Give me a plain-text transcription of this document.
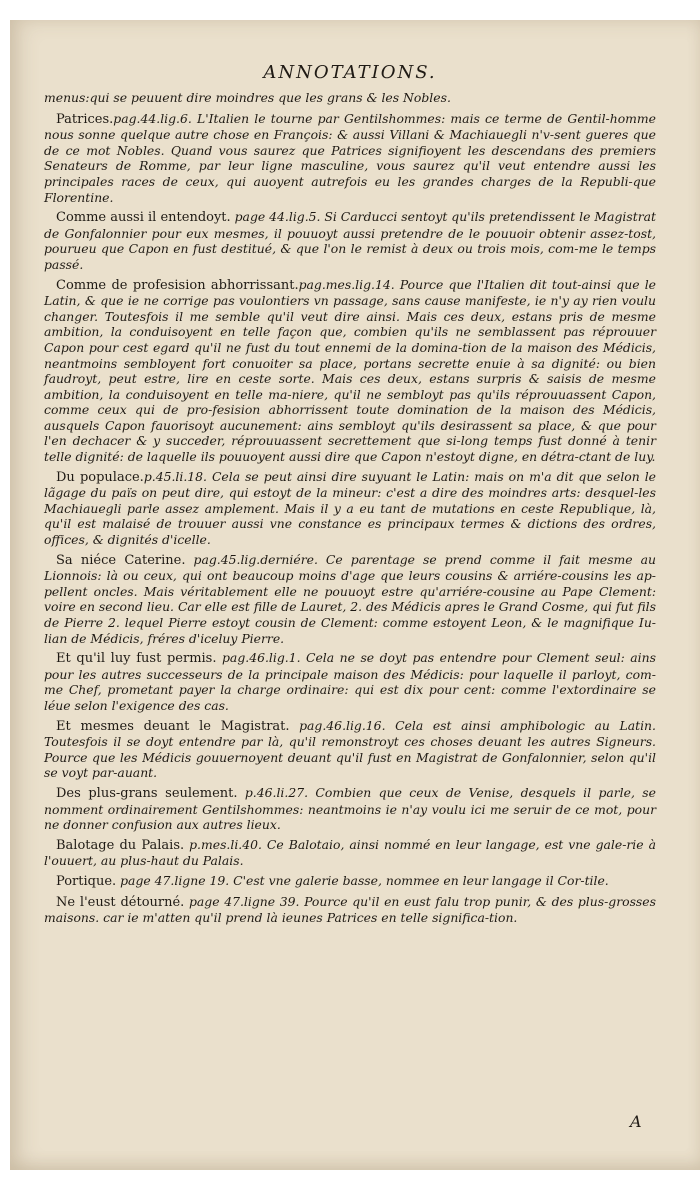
ANNOTATIONS.

menus:qui se peuuent dire moindres que les grans & les Nobles.

Patrices.pag.44.lig.6. L'Italien le tourne par Gentilshommes: mais ce terme de Gentil-homme nous sonne quelque autre chose en François: & aussi Villani & Machiauegli n'v-sent gueres que de ce mot Nobles. Quand vous saurez que Patrices signifioyent les descendans des premiers Senateurs de Romme, par leur ligne masculine, vous saurez qu'il veut entendre aussi les principales races de ceux, qui auoyent autrefois eu les grandes charges de la Republi-que Florentine.

Comme aussi il entendoyt. page 44.lig.5. Si Carducci sentoyt qu'ils pretendissent le Magistrat de Gonfalonnier pour eux mesmes, il pouuoyt aussi pretendre de le pouuoir obtenir assez-tost, pourueu que Capon en fust destitué, & que l'on le remist à deux ou trois mois, com-me le temps passé.

Comme de profesision abhorrissant.pag.mes.lig.14. Pource que l'Italien dit tout-ainsi que le Latin, & que ie ne corrige pas voulontiers vn passage, sans cause manifeste, ie n'y ay rien voulu changer. Toutesfois il me semble qu'il veut dire ainsi. Mais ces deux, estans pris de mesme ambition, la conduisoyent en telle façon que, combien qu'ils ne semblassent pas réprouuer Capon pour cest egard qu'il ne fust du tout ennemi de la domina-tion de la maison des Médicis, neantmoins sembloyent fort conuoiter sa place, portans secrette enuie à sa dignité: ou bien faudroyt, peut estre, lire en ceste sorte. Mais ces deux, estans surpris & saisis de mesme ambition, la conduisoyent en telle ma-niere, qu'il ne sembloyt pas qu'ils réprouuassent Capon, comme ceux qui de pro-fesision abhorrissent toute domination de la maison des Médicis, ausquels Capon fauorisoyt aucunement: ains sembloyt qu'ils desirassent sa place, & que pour l'en dechacer & y succeder, réprouuassent secrettement que si-long temps fust donné à tenir telle dignité: de laquelle ils pouuoyent aussi dire que Capon n'estoyt digne, en détra-ctant de luy.

Du populace.p.45.li.18. Cela se peut ainsi dire suyuant le Latin: mais on m'a dit que selon le lãgage du païs on peut dire, qui estoyt de la mineur: c'est a dire des moindres arts: desquel-les Machiauegli parle assez amplement. Mais il y a eu tant de mutations en ceste Republique, là, qu'il est malaisé de trouuer aussi vne constance es principaux termes & dictions des ordres, offices, & dignités d'icelle.

Sa niéce Caterine. pag.45.lig.derniére. Ce parentage se prend comme il fait mesme au Lionnois: là ou ceux, qui ont beaucoup moins d'age que leurs cousins & arriére-cousins les ap-pellent oncles. Mais véritablement elle ne pouuoyt estre qu'arriére-cousine au Pape Clement: voire en second lieu. Car elle est fille de Lauret, 2. des Médicis apres le Grand Cosme, qui fut fils de Pierre 2. lequel Pierre estoyt cousin de Clement: comme estoyent Leon, & le magnifique Iu-lian de Médicis, fréres d'iceluy Pierre.

Et qu'il luy fust permis. pag.46.lig.1. Cela ne se doyt pas entendre pour Clement seul: ains pour les autres successeurs de la principale maison des Médicis: pour laquelle il parloyt, com-me Chef, prometant payer la charge ordinaire: qui est dix pour cent: comme l'extordinaire se léue selon l'exigence des cas.

Et mesmes deuant le Magistrat. pag.46.lig.16. Cela est ainsi amphibologic au Latin. Toutesfois il se doyt entendre par là, qu'il remonstroyt ces choses deuant les autres Signeurs. Pource que les Médicis gouuernoyent deuant qu'il fust en Magistrat de Gonfalonnier, selon qu'il se voyt par-auant.

Des plus-grans seulement. p.46.li.27. Combien que ceux de Venise, desquels il parle, se nomment ordinairement Gentilshommes: neantmoins ie n'ay voulu ici me seruir de ce mot, pour ne donner confusion aux autres lieux.

Balotage du Palais. p.mes.li.40. Ce Balotaio, ainsi nommé en leur langage, est vne gale-rie à l'ouuert, au plus-haut du Palais.

Portique. page 47.ligne 19. C'est vne galerie basse, nommee en leur langage il Cor-tile.

Ne l'eust détourné. page 47.ligne 39. Pource qu'il en eust falu trop punir, & des plus-grosses maisons. car ie m'atten qu'il prend là ieunes Patrices en telle significa-tion.

A
